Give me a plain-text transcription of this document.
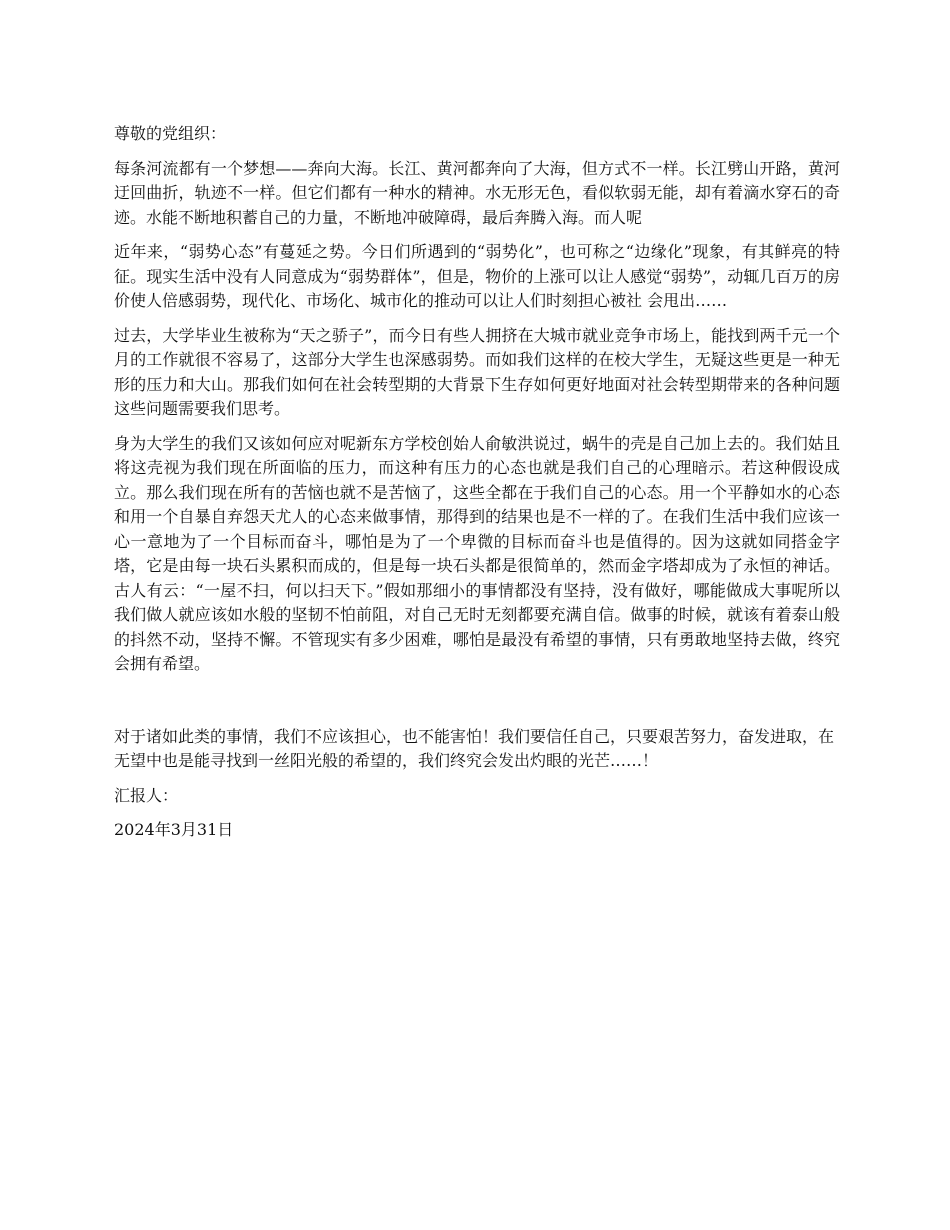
尊敬的党组织：

每条河流都有一个梦想——奔向大海。长江、黄河都奔向了大海，但方式不一样。长江劈山开路，黄河迂回曲折，轨迹不一样。但它们都有一种水的精神。水无形无色，看似软弱无能，却有着滴水穿石的奇迹。水能不断地积蓄自己的力量，不断地冲破障碍，最后奔腾入海。而人呢

近年来，“弱势心态”有蔓延之势。今日们所遇到的“弱势化”，也可称之“边缘化”现象，有其鲜亮的特征。现实生活中没有人同意成为“弱势群体”，但是，物价的上涨可以让人感觉“弱势”，动辄几百万的房价使人倍感弱势，现代化、市场化、城市化的推动可以让人们时刻担心被社 会甩出……

过去，大学毕业生被称为“天之骄子”，而今日有些人拥挤在大城市就业竞争市场上，能找到两千元一个月的工作就很不容易了，这部分大学生也深感弱势。而如我们这样的在校大学生，无疑这些更是一种无形的压力和大山。那我们如何在社会转型期的大背景下生存如何更好地面对社会转型期带来的各种问题这些问题需要我们思考。

身为大学生的我们又该如何应对呢新东方学校创始人俞敏洪说过，蜗牛的壳是自己加上去的。我们姑且将这壳视为我们现在所面临的压力，而这种有压力的心态也就是我们自己的心理暗示。若这种假设成立。那么我们现在所有的苦恼也就不是苦恼了，这些全都在于我们自己的心态。用一个平静如水的心态和用一个自暴自弃怨天尤人的心态来做事情，那得到的结果也是不一样的了。在我们生活中我们应该一心一意地为了一个目标而奋斗，哪怕是为了一个卑微的目标而奋斗也是值得的。因为这就如同搭金字塔，它是由每一块石头累积而成的，但是每一块石头都是很简单的，然而金字塔却成为了永恒的神话。古人有云：“一屋不扫，何以扫天下。”假如那细小的事情都没有坚持，没有做好，哪能做成大事呢所以我们做人就应该如水般的坚韧不怕前阻，对自己无时无刻都要充满自信。做事的时候，就该有着泰山般的抖然不动，坚持不懈。不管现实有多少困难，哪怕是最没有希望的事情，只有勇敢地坚持去做，终究会拥有希望。

对于诸如此类的事情，我们不应该担心，也不能害怕！我们要信任自己，只要艰苦努力，奋发进取，在无望中也是能寻找到一丝阳光般的希望的，我们终究会发出灼眼的光芒……！

汇报人：

2024年3月31日
